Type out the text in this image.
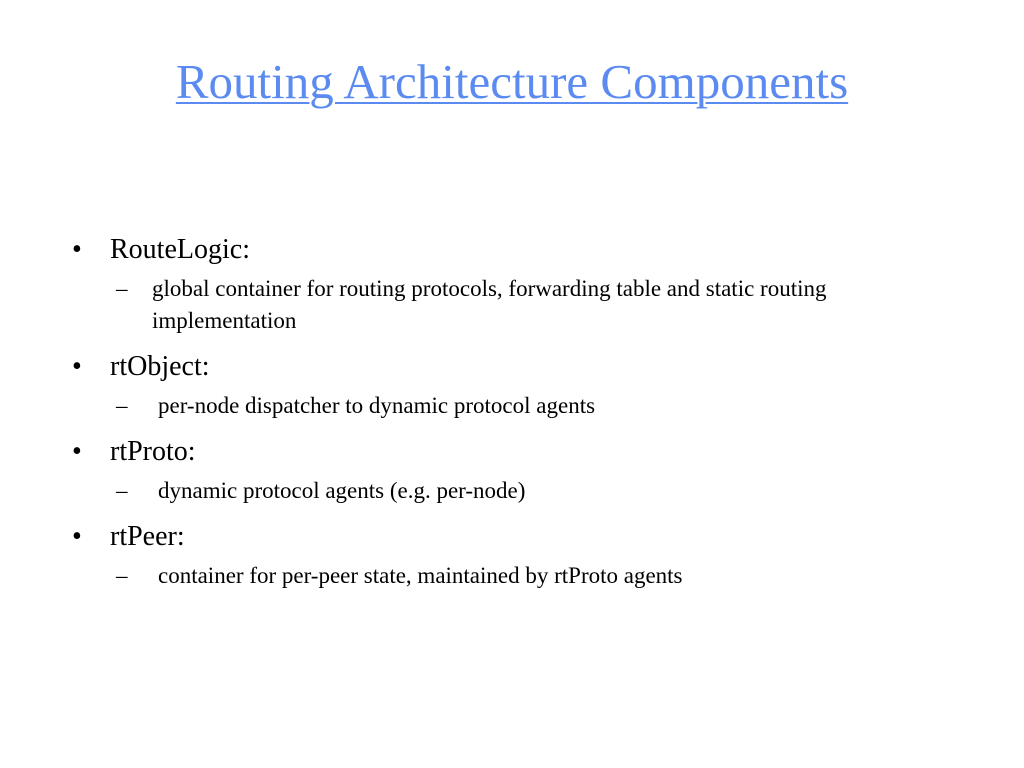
Routing Architecture Components
•	RouteLogic:
–	global container for routing protocols, forwarding table and static routing implementation
•	rtObject:
–	per-node dispatcher to dynamic protocol agents
•	rtProto:
–	dynamic protocol agents (e.g. per-node)
•	rtPeer:
–	container for per-peer state, maintained by rtProto agents
